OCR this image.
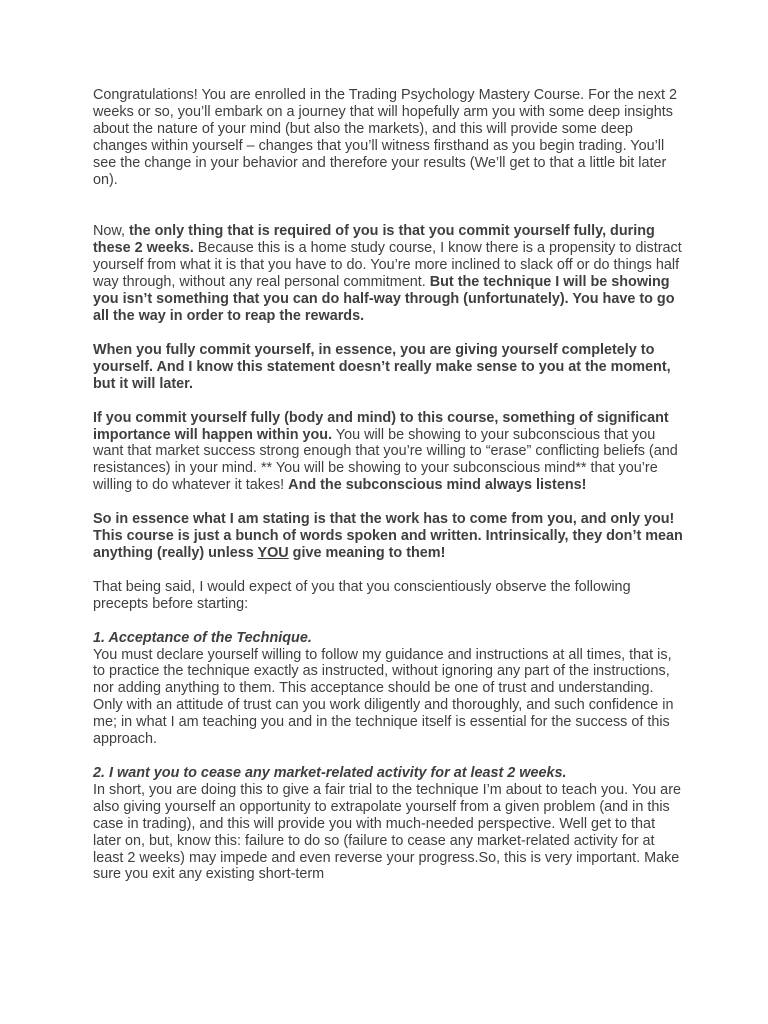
Congratulations! You are enrolled in the Trading Psychology Mastery Course. For the next 2 weeks or so, you’ll embark on a journey that will hopefully arm you with some deep insights about the nature of your mind (but also the markets), and this will provide some deep changes within yourself – changes that you’ll witness firsthand as you begin trading. You’ll see the change in your behavior and therefore your results (We’ll get to that a little bit later on).

Now, the only thing that is required of you is that you commit yourself fully, during these 2 weeks. Because this is a home study course, I know there is a propensity to distract yourself from what it is that you have to do. You’re more inclined to slack off or do things half way through, without any real personal commitment. But the technique I will be showing you isn’t something that you can do half-way through (unfortunately). You have to go all the way in order to reap the rewards.

When you fully commit yourself, in essence, you are giving yourself completely to yourself. And I know this statement doesn’t really make sense to you at the moment, but it will later.

If you commit yourself fully (body and mind) to this course, something of significant importance will happen within you. You will be showing to your subconscious that you want that market success strong enough that you’re willing to “erase” conflicting beliefs (and resistances) in your mind. ** You will be showing to your subconscious mind** that you’re willing to do whatever it takes! And the subconscious mind always listens!

So in essence what I am stating is that the work has to come from you, and only you! This course is just a bunch of words spoken and written. Intrinsically, they don’t mean anything (really) unless YOU give meaning to them!

That being said, I would expect of you that you conscientiously observe the following precepts before starting:

1. Acceptance of the Technique.

You must declare yourself willing to follow my guidance and instructions at all times, that is, to practice the technique exactly as instructed, without ignoring any part of the instructions, nor adding anything to them. This acceptance should be one of trust and understanding. Only with an attitude of trust can you work diligently and thoroughly, and such confidence in me; in what I am teaching you and in the technique itself is essential for the success of this approach.

2. I want you to cease any market-related activity for at least 2 weeks.

In short, you are doing this to give a fair trial to the technique I’m about to teach you. You are also giving yourself an opportunity to extrapolate yourself from a given problem (and in this case in trading), and this will provide you with much-needed perspective. Well get to that later on, but, know this: failure to do so (failure to cease any market-related activity for at least 2 weeks) may impede and even reverse your progress.So, this is very important. Make sure you exit any existing short-term
